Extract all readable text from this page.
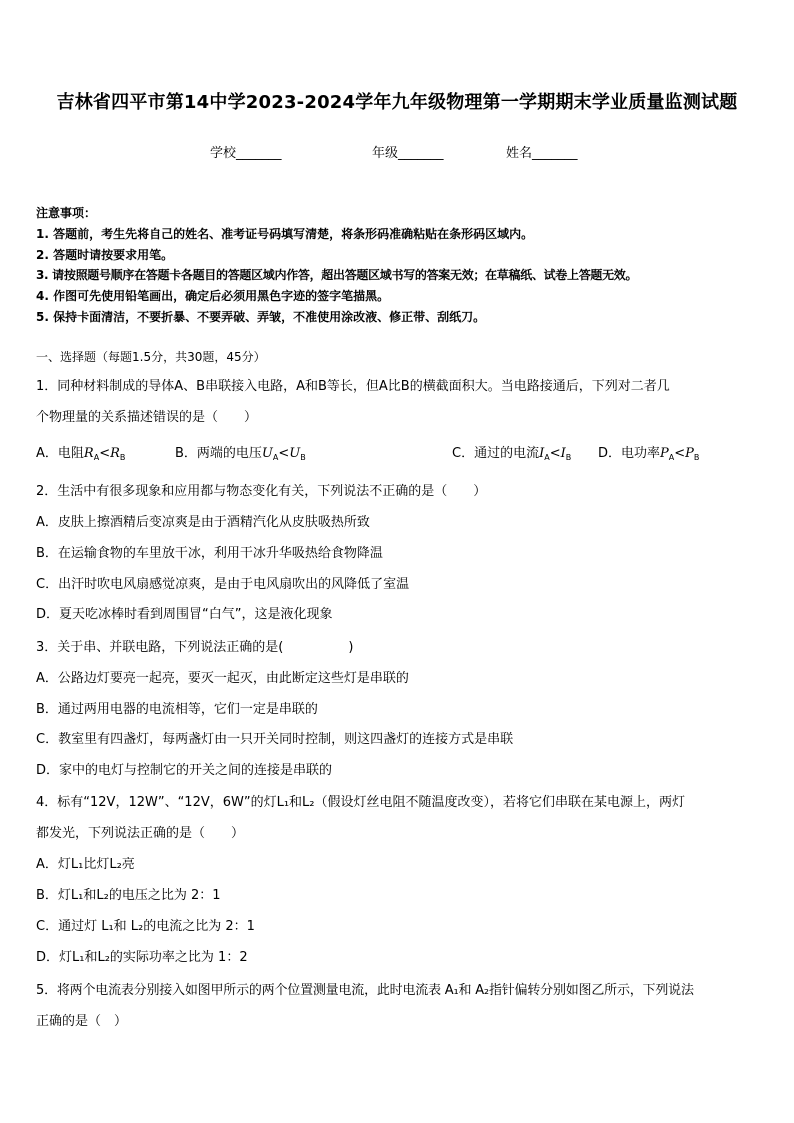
吉林省四平市第14中学2023-2024学年九年级物理第一学期期末学业质量监测试题
学校_______	年级_______	姓名_______
注意事项：
1. 答题前，考生先将自己的姓名、准考证号码填写清楚，将条形码准确粘贴在条形码区域内。
2. 答题时请按要求用笔。
3. 请按照题号顺序在答题卡各题目的答题区域内作答，超出答题区域书写的答案无效；在草稿纸、试卷上答题无效。
4. 作图可先使用铅笔画出，确定后必须用黑色字迹的签字笔描黑。
5. 保持卡面清洁，不要折暴、不要弄破、弄皱，不准使用涂改液、修正带、刮纸刀。
一、选择题（每题1.5分，共30题，45分）
1．同种材料制成的导体A、B串联接入电路，A和B等长，但A比B的横截面积大。当电路接通后，下列对二者几
个物理量的关系描述错误的是（　　）
A．电阻$R_A<R_B$	B．两端的电压$U_A<U_B$	C．通过的电流$I_A<I_B$ D．电功率$P_A<P_B$
2．生活中有很多现象和应用都与物态变化有关，下列说法不正确的是（　　）
A．皮肤上擦酒精后变凉爽是由于酒精汽化从皮肤吸热所致
B．在运输食物的车里放干冰，利用干冰升华吸热给食物降温
C．出汗时吹电风扇感觉凉爽，是由于电风扇吹出的风降低了室温
D．夏天吃冰棒时看到周围冒“白气”，这是液化现象
3．关于串、并联电路，下列说法正确的是(　　　　　)
A．公路边灯要亮一起亮，要灭一起灭，由此断定这些灯是串联的
B．通过两用电器的电流相等，它们一定是串联的
C．教室里有四盏灯，每两盏灯由一只开关同时控制，则这四盏灯的连接方式是串联
D．家中的电灯与控制它的开关之间的连接是串联的
4．标有“12V，12W”、“12V，6W”的灯L₁和L₂（假设灯丝电阻不随温度改变），若将它们串联在某电源上，两灯
都发光，下列说法正确的是（　　）
A．灯L₁比灯L₂亮
B．灯L₁和L₂的电压之比为 2：1
C．通过灯 L₁和 L₂的电流之比为 2：1
D．灯L₁和L₂的实际功率之比为 1：2
5．将两个电流表分别接入如图甲所示的两个位置测量电流，此时电流表 A₁和 A₂指针偏转分别如图乙所示，下列说法
正确的是（　）
